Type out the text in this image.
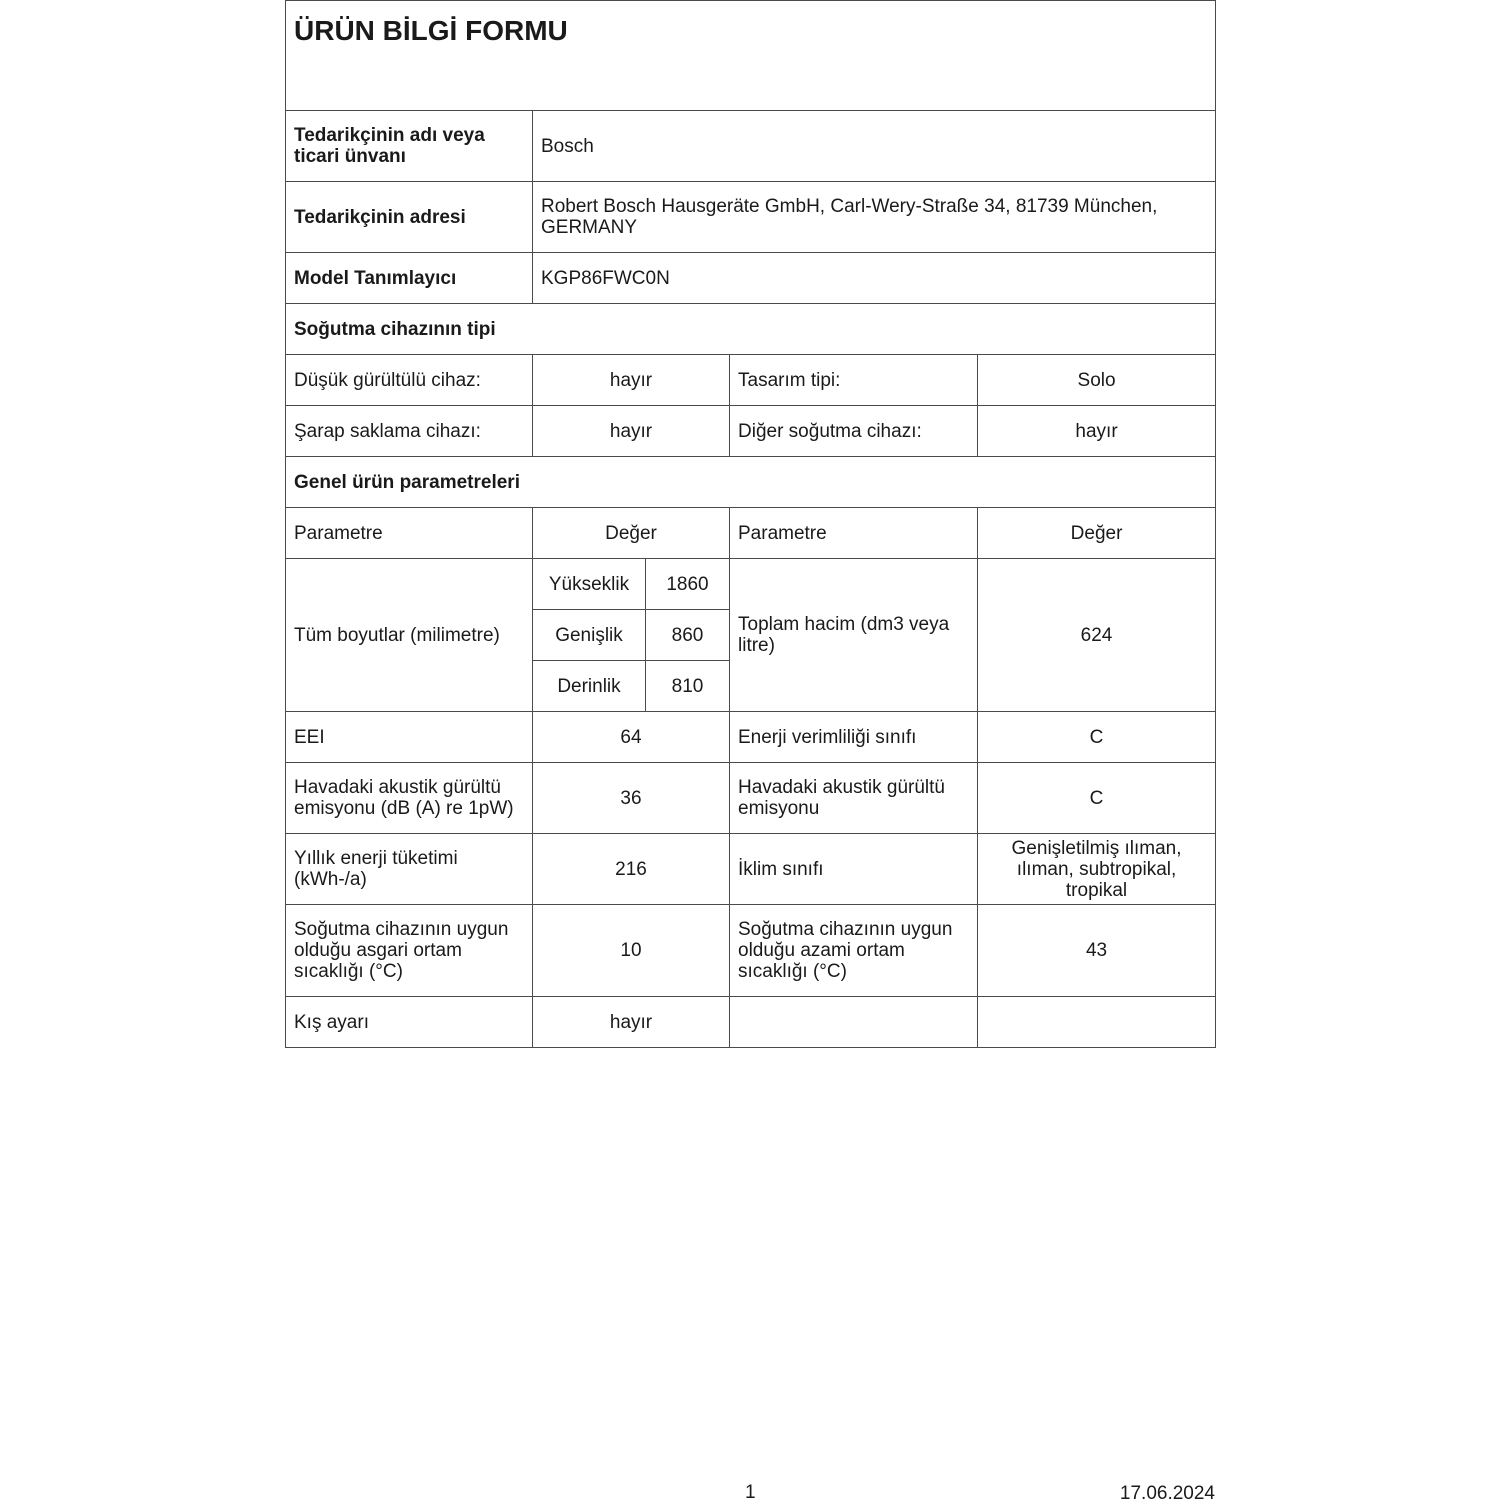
ÜRÜN BİLGİ FORMU				
Tedarikçinin adı veya ticari ünvanı	Bosch			
Tedarikçinin adresi	Robert Bosch Hausgeräte GmbH, Carl-Wery-Straße 34, 81739 München, GERMANY			
Model Tanımlayıcı	KGP86FWC0N			
Soğutma cihazının tipi				
Düşük gürültülü cihaz:	hayır		Tasarım tipi:	Solo
Şarap saklama cihazı:	hayır		Diğer soğutma cihazı:	hayır
Genel ürün parametreleri				
Parametre	Değer		Parametre	Değer
Tüm boyutlar (milimetre)	Yükseklik	1860	Toplam hacim (dm3 veya litre)	624
	Genişlik	860		
	Derinlik	810		
EEI	64		Enerji verimliliği sınıfı	C
Havadaki akustik gürültü emisyonu (dB (A) re 1pW)	36		Havadaki akustik gürültü emisyonu	C
Yıllık enerji tüketimi (kWh-/a)	216		İklim sınıfı	Genişletilmiş ılıman, ılıman, subtropikal, tropikal
Soğutma cihazının uygun olduğu asgari ortam sıcaklığı (°C)	10		Soğutma cihazının uygun olduğu azami ortam sıcaklığı (°C)	43
Kış ayarı	hayır			
1	17.06.2024
